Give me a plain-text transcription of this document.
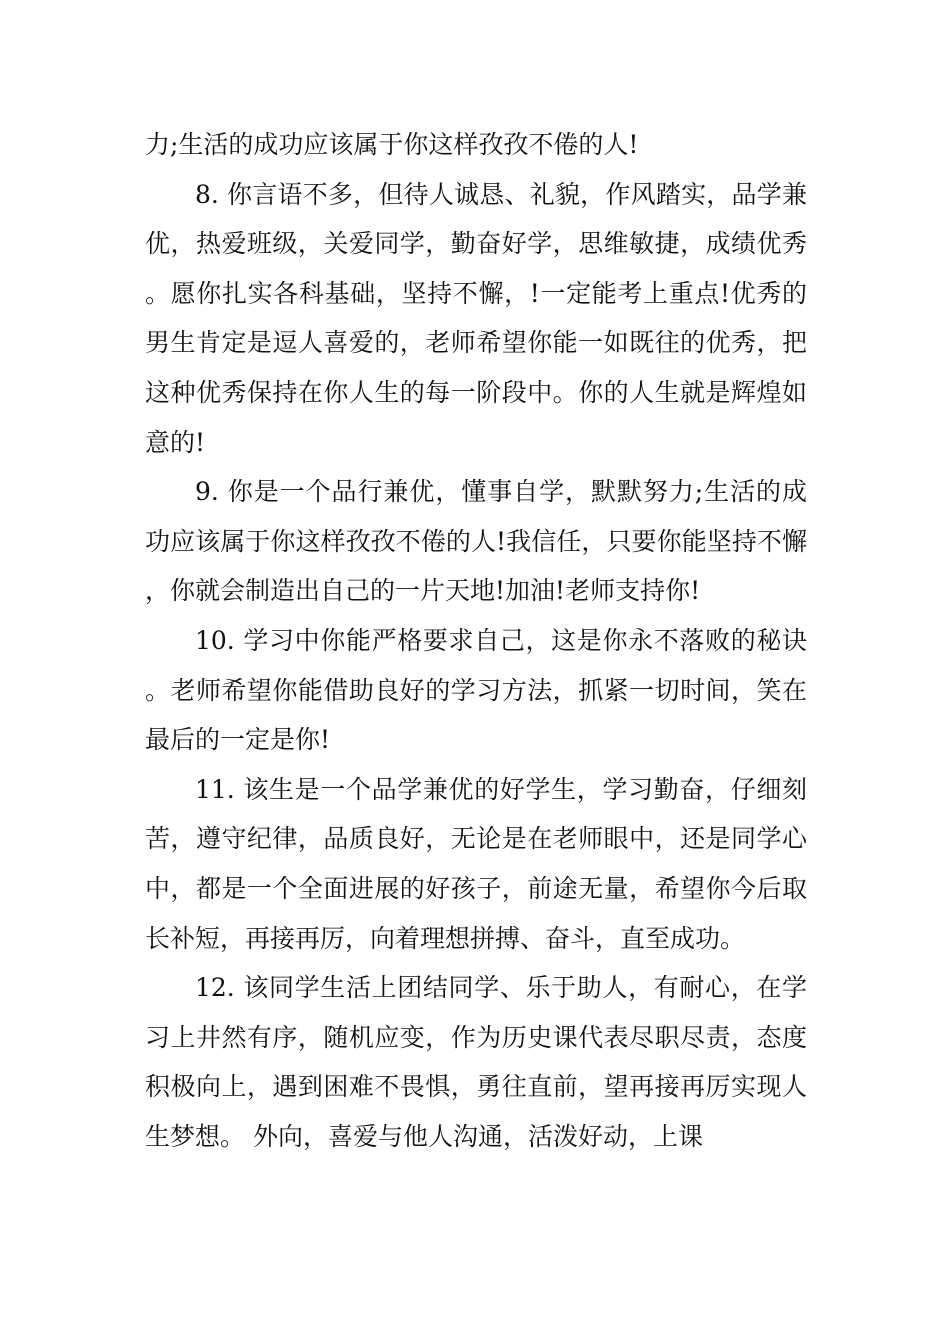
力;生活的成功应该属于你这样孜孜不倦的人!

8. 你言语不多，但待人诚恳、礼貌，作风踏实，品学兼优，热爱班级，关爱同学，勤奋好学，思维敏捷，成绩优秀。愿你扎实各科基础，坚持不懈，!一定能考上重点!优秀的男生肯定是逗人喜爱的，老师希望你能一如既往的优秀，把这种优秀保持在你人生的每一阶段中。你的人生就是辉煌如意的!

9. 你是一个品行兼优，懂事自学，默默努力;生活的成功应该属于你这样孜孜不倦的人!我信任，只要你能坚持不懈，你就会制造出自己的一片天地!加油!老师支持你!

10. 学习中你能严格要求自己，这是你永不落败的秘诀。老师希望你能借助良好的学习方法，抓紧一切时间，笑在最后的一定是你!

11. 该生是一个品学兼优的好学生，学习勤奋，仔细刻苦，遵守纪律，品质良好，无论是在老师眼中，还是同学心中，都是一个全面进展的好孩子，前途无量，希望你今后取长补短，再接再厉，向着理想拼搏、奋斗，直至成功。

12. 该同学生活上团结同学、乐于助人，有耐心，在学习上井然有序，随机应变，作为历史课代表尽职尽责，态度积极向上，遇到困难不畏惧，勇往直前，望再接再厉实现人生梦想。 外向，喜爱与他人沟通，活泼好动，上课
